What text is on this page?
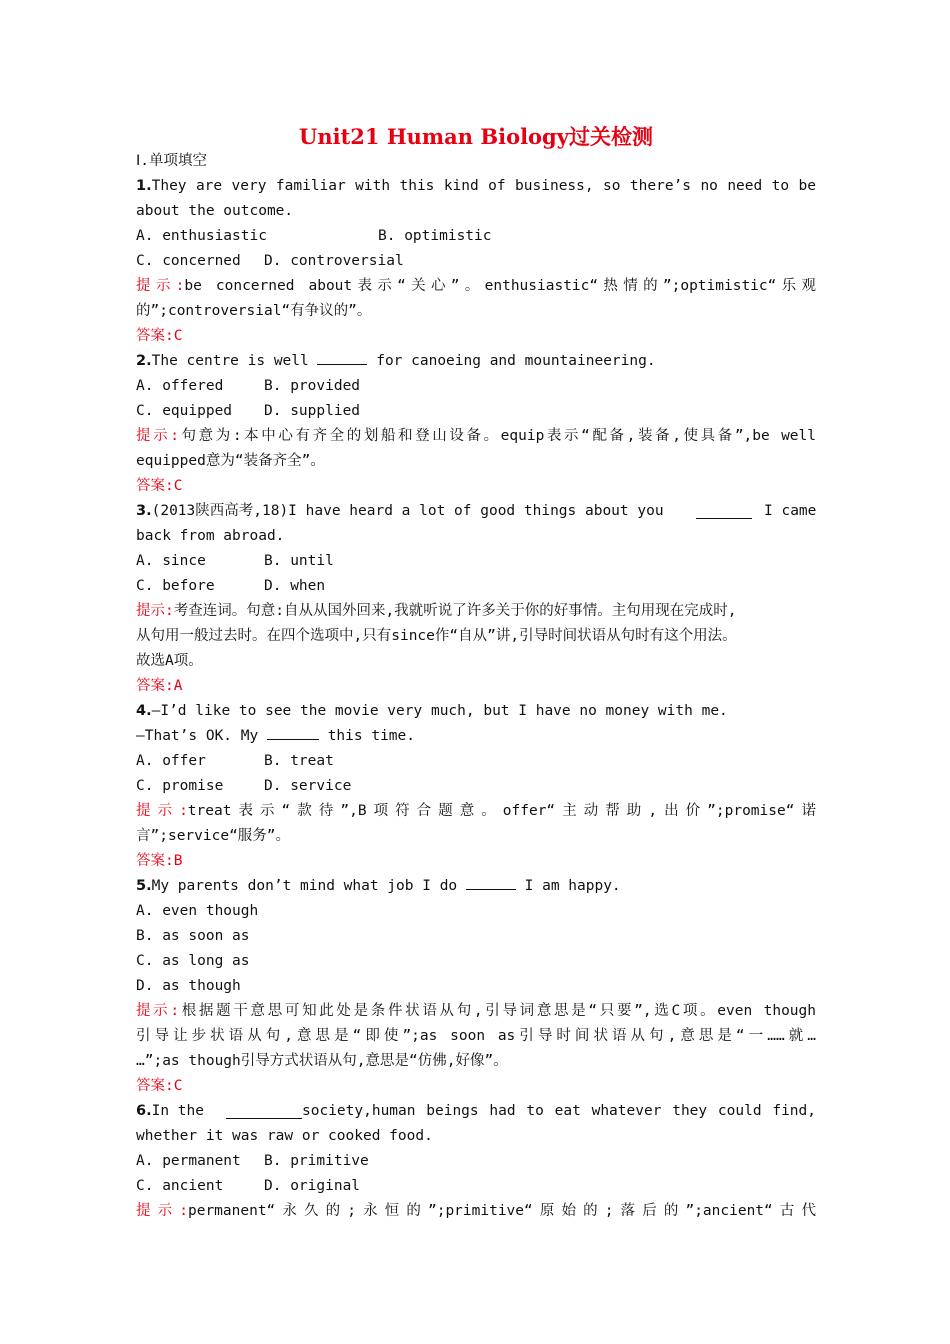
Unit21 Human Biology过关检测
Ⅰ.单项填空
1.They are very familiar with this kind of business, so there’s no need to be
about the outcome.
A. enthusiastic	B. optimistic
C. concerned D. controversial
提示:be concerned about表示“关心”。enthusiastic“热情的”;optimistic“乐观
的”;controversial“有争议的”。
答案:C
2.The centre is well	for canoeing and mountaineering.
A. offered	B. provided
C. equipped D. supplied
提示:句意为:本中心有齐全的划船和登山设备。equip表示“配备,装备,使具备”,be well
equipped意为“装备齐全”。
答案:C
3.(2013陕西高考,18)I have heard a lot of good things about you	I came
back from abroad.
A. since	B. until
C. before	D. when
提示:考查连词。句意:自从从国外回来,我就听说了许多关于你的好事情。主句用现在完成时,
从句用一般过去时。在四个选项中,只有since作“自从”讲,引导时间状语从句时有这个用法。
故选A项。
答案:A
4.—I’d like to see the movie very much, but I have no money with me.
—That’s OK. My	this time.
A. offer	B. treat
C. promise	D. service
提示:treat表示“款待”,B项符合题意。offer“主动帮助,出价”;promise“诺
言”;service“服务”。
答案:B
5.My parents don’t mind what job I do	I am happy.
A. even though
B. as soon as
C. as long as
D. as though
提示:根据题干意思可知此处是条件状语从句,引导词意思是“只要”,选C项。even though
引导让步状语从句,意思是“即使”;as soon as引导时间状语从句,意思是“一……就…
…”;as though引导方式状语从句,意思是“仿佛,好像”。
答案:C
6.In the	society,human beings had to eat whatever they could find,
whether it was raw or cooked food.
A. permanent B. primitive
C. ancient	D. original
提示:permanent“永久的;永恒的”;primitive“原始的;落后的”;ancient“古代
